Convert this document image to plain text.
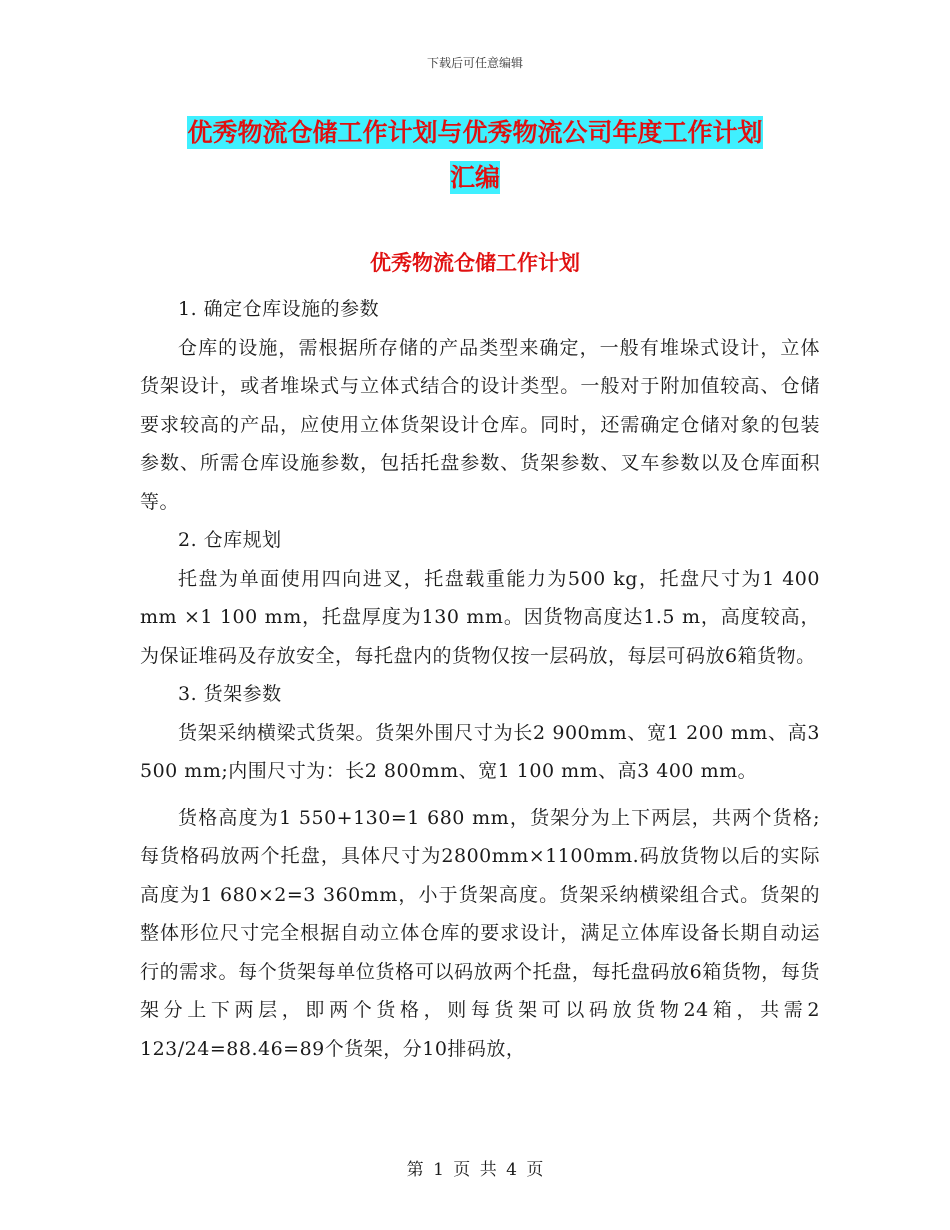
下载后可任意编辑
优秀物流仓储工作计划与优秀物流公司年度工作计划
汇编
优秀物流仓储工作计划

1. 确定仓库设施的参数

仓库的设施，需根据所存储的产品类型来确定，一般有堆垛式设计，立体货架设计，或者堆垛式与立体式结合的设计类型。一般对于附加值较高、仓储要求较高的产品，应使用立体货架设计仓库。同时，还需确定仓储对象的包装参数、所需仓库设施参数，包括托盘参数、货架参数、叉车参数以及仓库面积等。

2. 仓库规划

托盘为单面使用四向进叉，托盘载重能力为500 kg，托盘尺寸为1 400 mm ×1 100 mm，托盘厚度为130 mm。因货物高度达1.5 m，高度较高，为保证堆码及存放安全，每托盘内的货物仅按一层码放，每层可码放6箱货物。

3. 货架参数

货架采纳横梁式货架。货架外围尺寸为长2 900mm、宽1 200 mm、高3 500 mm;内围尺寸为：长2 800mm、宽1 100 mm、高3 400 mm。

货格高度为1 550+130=1 680 mm，货架分为上下两层，共两个货格;每货格码放两个托盘，具体尺寸为2800mm×1100mm.码放货物以后的实际高度为1 680×2=3 360mm，小于货架高度。货架采纳横梁组合式。货架的整体形位尺寸完全根据自动立体仓库的要求设计，满足立体库设备长期自动运行的需求。每个货架每单位货格可以码放两个托盘，每托盘码放6箱货物，每货架分上下两层，即两个货格，则每货架可以码放货物24箱，共需2 123/24=88.46=89个货架，分10排码放，

第 1 页 共 4 页
